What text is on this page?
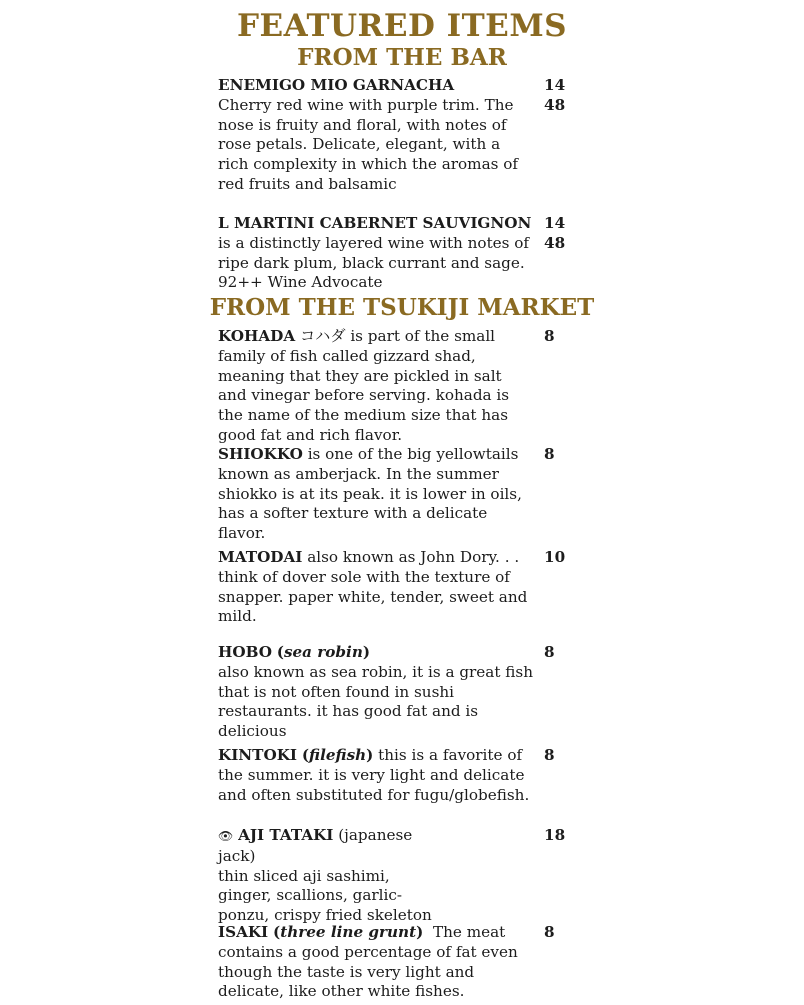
FEATURED ITEMS
FROM THE BAR
ENEMIGO MIO GARNACHA
Cherry red wine with purple trim. The nose is fruity and floral, with notes of rose petals. Delicate, elegant, with a rich complexity in which the aromas of red fruits and balsamic
14
48
L MARTINI CABERNET SAUVIGNON
is a distinctly layered wine with notes of ripe dark plum, black currant and sage. 92++ Wine Advocate
14
48
FROM THE TSUKIJI MARKET
KOHADA コハダ is part of the small family of fish called gizzard shad, meaning that they are pickled in salt and vinegar before serving. kohada is the name of the medium size that has good fat and rich flavor.
8
SHIOKKO is one of the big yellowtails known as amberjack. In the summer shiokko is at its peak. it is lower in oils, has a softer texture with a delicate flavor.
8
MATODAI also known as John Dory. . . think of dover sole with the texture of snapper. paper white, tender, sweet and mild.
10
HOBO (sea robin)
also known as sea robin, it is a great fish that is not often found in sushi restaurants. it has good fat and is delicious
8
KINTOKI (filefish) this is a favorite of the summer. it is very light and delicate and often substituted for fugu/globefish.
8
👁 AJI TATAKI (japanese jack)
thin sliced aji sashimi, ginger, scallions, garlic-ponzu, crispy fried skeleton
18
ISAKI (three line grunt) The meat contains a good percentage of fat even though the taste is very light and delicate, like other white fishes.
8
